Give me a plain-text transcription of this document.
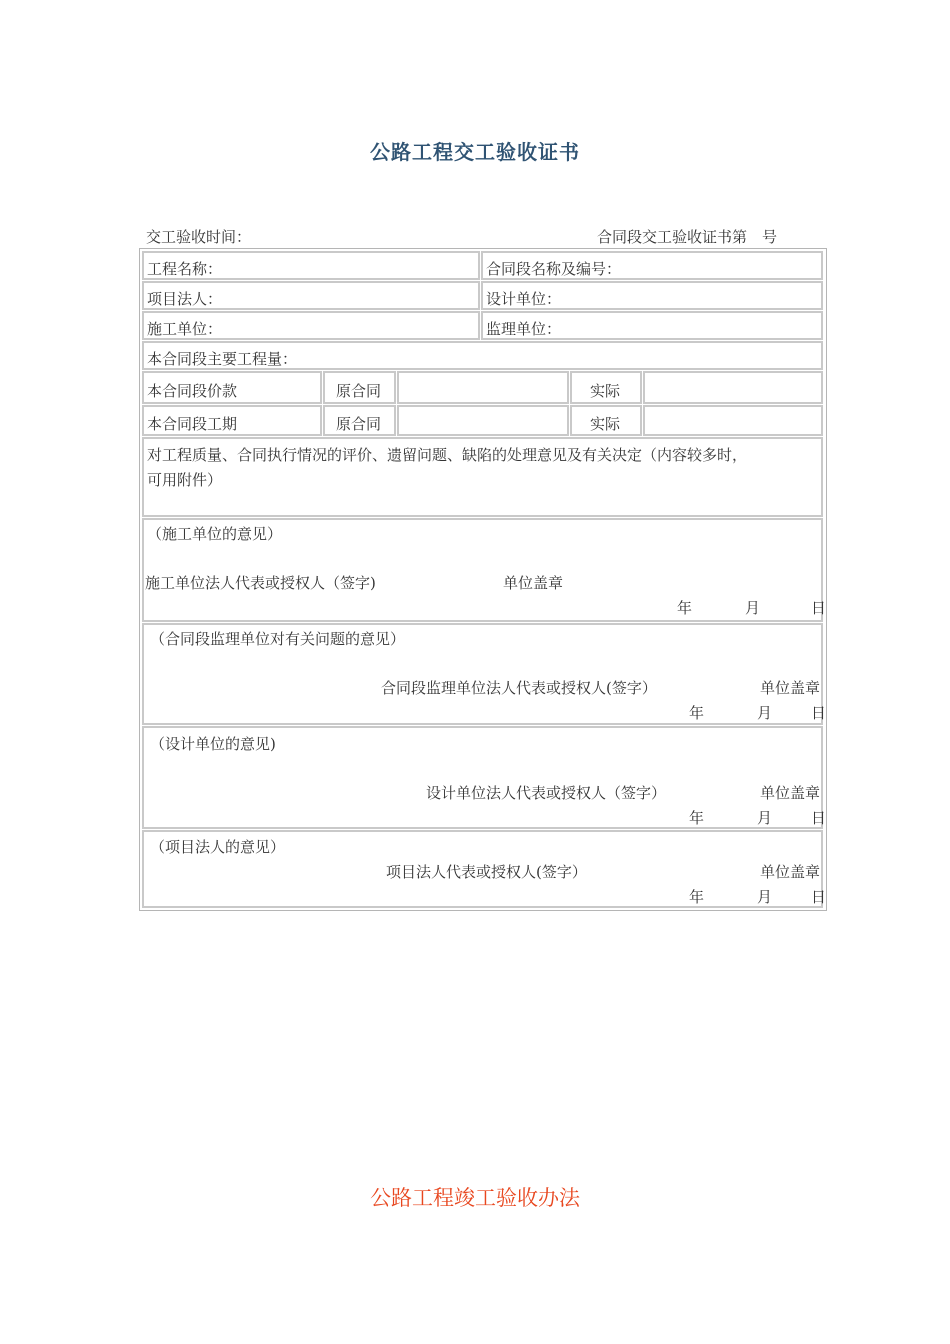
公路工程交工验收证书
交工验收时间：	合同段交工验收证书第　号
工程名称：	合同段名称及编号：
项目法人：	设计单位：
施工单位：	监理单位：
本合同段主要工程量：
本合同段价款	原合同	实际
本合同段工期	原合同	实际
对工程质量、合同执行情况的评价、遗留问题、缺陷的处理意见及有关决定（内容较多时，
可用附件）
（施工单位的意见）
施工单位法人代表或授权人（签字)	单位盖章
年	月	日
（合同段监理单位对有关问题的意见）
合同段监理单位法人代表或授权人(签字）	单位盖章
年	月	日
（设计单位的意见)
设计单位法人代表或授权人（签字）	单位盖章
年	月	日
（项目法人的意见）
项目法人代表或授权人(签字）	单位盖章
年	月	日
公路工程竣工验收办法
